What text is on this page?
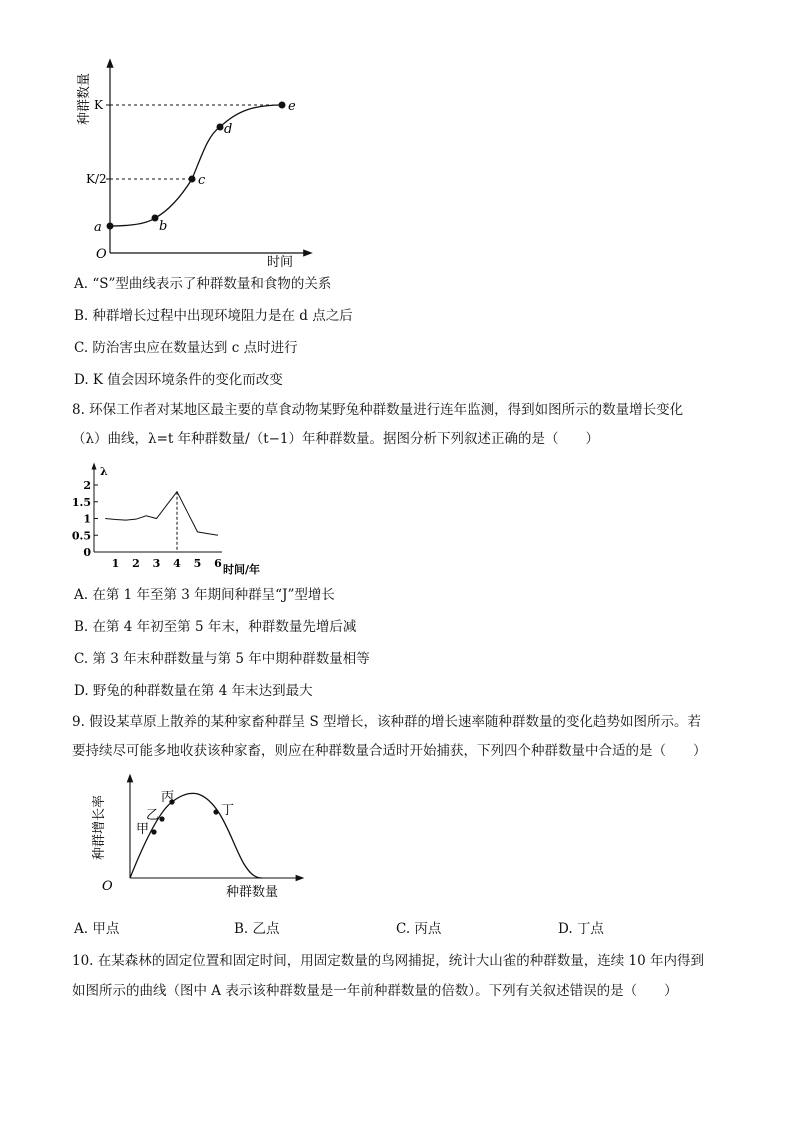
种群数量 K
K/2
a	b
c
d
e
O
时间
A. “S”型曲线表示了种群数量和食物的关系
B. 种群增长过程中出现环境阻力是在 d 点之后
C. 防治害虫应在数量达到 c 点时进行
D. K 值会因环境条件的变化而改变
8. 环保工作者对某地区最主要的草食动物某野兔种群数量进行连年监测，得到如图所示的数量增长变化
（λ）曲线，λ=t 年种群数量/（t−1）年种群数量。据图分析下列叙述正确的是（　　）
λ
0
0.5
1
1.5
2
1 2 3 4 5 6 时间/年
A. 在第 1 年至第 3 年期间种群呈“J”型增长
B. 在第 4 年初至第 5 年末，种群数量先增后减
C. 第 3 年末种群数量与第 5 年中期种群数量相等
D. 野兔的种群数量在第 4 年末达到最大
9. 假设某草原上散养的某种家畜种群呈 S 型增长，该种群的增长速率随种群数量的变化趋势如图所示。若
要持续尽可能多地收获该种家畜，则应在种群数量合适时开始捕获，下列四个种群数量中合适的是（　　）
种群增长率 甲
乙
丙
丁
O	种群数量
A. 甲点	B. 乙点	C. 丙点	D. 丁点
10. 在某森林的固定位置和固定时间，用固定数量的鸟网捕捉，统计大山雀的种群数量，连续 10 年内得到
如图所示的曲线（图中 A 表示该种群数量是一年前种群数量的倍数）。下列有关叙述错误的是（　　）
